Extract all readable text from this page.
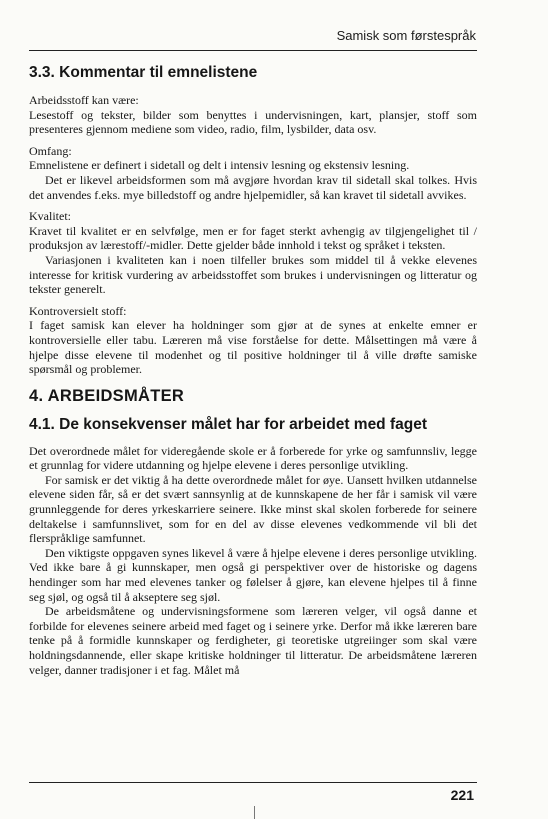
Samisk som førstespråk
3.3. Kommentar til emnelistene
Arbeidsstoff kan være:

Lesestoff og tekster, bilder som benyttes i undervisningen, kart, plansjer, stoff som presenteres gjennom mediene som video, radio, film, lysbilder, data osv.

Omfang:

Emnelistene er definert i sidetall og delt i intensiv lesning og ekstensiv lesning.

Det er likevel arbeidsformen som må avgjøre hvordan krav til sidetall skal tolkes. Hvis det anvendes f.eks. mye billedstoff og andre hjelpemidler, så kan kravet til sidetall avvikes.

Kvalitet:

Kravet til kvalitet er en selvfølge, men er for faget sterkt avhengig av tilgjengelighet til / produksjon av lærestoff/-midler. Dette gjelder både innhold i tekst og språket i teksten.

Variasjonen i kvaliteten kan i noen tilfeller brukes som middel til å vekke elevenes interesse for kritisk vurdering av arbeidsstoffet som brukes i undervisningen og litteratur og tekster generelt.

Kontroversielt stoff:

I faget samisk kan elever ha holdninger som gjør at de synes at enkelte emner er kontroversielle eller tabu. Læreren må vise forståelse for dette. Målsettingen må være å hjelpe disse elevene til modenhet og til positive holdninger til å ville drøfte samiske spørsmål og problemer.

4. ARBEIDSMÅTER
4.1. De konsekvenser målet har for arbeidet med faget

Det overordnede målet for videregående skole er å forberede for yrke og samfunnsliv, legge et grunnlag for videre utdanning og hjelpe elevene i deres personlige utvikling.

For samisk er det viktig å ha dette overordnede målet for øye. Uansett hvilken utdannelse elevene siden får, så er det svært sannsynlig at de kunnskapene de her får i samisk vil være grunnleggende for deres yrkeskarriere seinere. Ikke minst skal skolen forberede for seinere deltakelse i samfunnslivet, som for en del av disse elevenes vedkommende vil bli det flerspråklige samfunnet.

Den viktigste oppgaven synes likevel å være å hjelpe elevene i deres personlige utvikling. Ved ikke bare å gi kunnskaper, men også gi perspektiver over de historiske og dagens hendinger som har med elevenes tanker og følelser å gjøre, kan elevene hjelpes til å finne seg sjøl, og også til å akseptere seg sjøl.

De arbeidsmåtene og undervisningsformene som læreren velger, vil også danne et forbilde for elevenes seinere arbeid med faget og i seinere yrke. Derfor må ikke læreren bare tenke på å formidle kunnskaper og ferdigheter, gi teoretiske utgreiinger som skal være holdningsdannende, eller skape kritiske holdninger til litteratur. De arbeidsmåtene læreren velger, danner tradisjoner i et fag. Målet må

221
